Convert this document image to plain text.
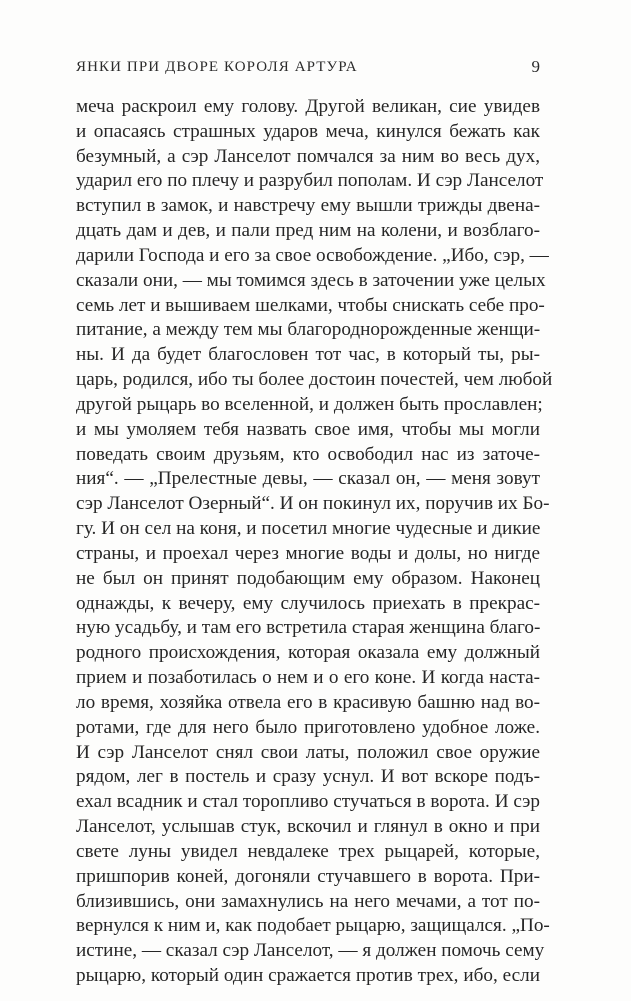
ЯНКИ ПРИ ДВОРЕ КОРОЛЯ АРТУРА	9
меча раскроил ему голову. Другой великан, сие увидев
и опасаясь страшных ударов меча, кинулся бежать как
безумный, а сэр Ланселот помчался за ним во весь дух,
ударил его по плечу и разрубил пополам. И сэр Ланселот
вступил в замок, и навстречу ему вышли трижды двена-
дцать дам и дев, и пали пред ним на колени, и возблаго-
дарили Господа и его за свое освобождение. „Ибо, сэр, —
сказали они, — мы томимся здесь в заточении уже целых
семь лет и вышиваем шелками, чтобы снискать себе про-
питание, а между тем мы благороднорожденные женщи-
ны. И да будет благословен тот час, в который ты, ры-
царь, родился, ибо ты более достоин почестей, чем любой
другой рыцарь во вселенной, и должен быть прославлен;
и мы умоляем тебя назвать свое имя, чтобы мы могли
поведать своим друзьям, кто освободил нас из заточе-
ния“. — „Прелестные девы, — сказал он, — меня зовут
сэр Ланселот Озерный“. И он покинул их, поручив их Бо-
гу. И он сел на коня, и посетил многие чудесные и дикие
страны, и проехал через многие воды и долы, но нигде
не был он принят подобающим ему образом. Наконец
однажды, к вечеру, ему случилось приехать в прекрас-
ную усадьбу, и там его встретила старая женщина благо-
родного происхождения, которая оказала ему должный
прием и позаботилась о нем и о его коне. И когда наста-
ло время, хозяйка отвела его в красивую башню над во-
ротами, где для него было приготовлено удобное ложе.
И сэр Ланселот снял свои латы, положил свое оружие
рядом, лег в постель и сразу уснул. И вот вскоре подъ-
ехал всадник и стал торопливо стучаться в ворота. И сэр
Ланселот, услышав стук, вскочил и глянул в окно и при
свете луны увидел невдалеке трех рыцарей, которые,
пришпорив коней, догоняли стучавшего в ворота. При-
близившись, они замахнулись на него мечами, а тот по-
вернулся к ним и, как подобает рыцарю, защищался. „По-
истине, — сказал сэр Ланселот, — я должен помочь сему
рыцарю, который один сражается против трех, ибо, если
